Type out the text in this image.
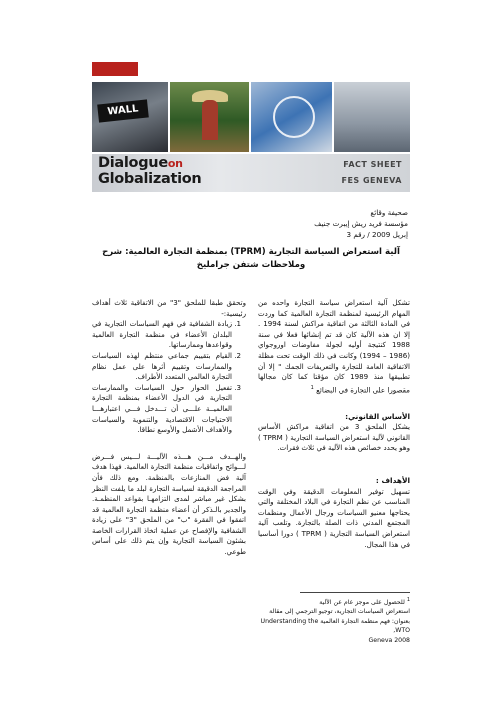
WALL
Dialogueon
Globalization
FACT SHEET
FES GENEVA
صحيفة وقائع
مؤسسة فريد ريش إيبرت جنيف
إبريل 2009 / رقم 3
آلية استعراض السياسة التجارية (TPRM) بمنظمة التجارة العالمية: شرح وملاحظات شتفن جرامليخ

تشكل آلية استعراض سياسة التجارة واحده من المهام الرئيسية لمنظمة التجارة العالمية كما وردت في المادة الثالثة من اتفاقية مراكش لسنة 1994 . إلا ان هذه الآلية كان قد تم إنشائها فعلا في سنة 1988 كنتيجة أوليه لجولة مفاوضات اوروجواي (1986 – 1994) وكانت في ذلك الوقت تحت مظلة الاتفاقية العامة للتجارة والتعريفات الجمك " إلا أن تطبيقها منذ 1989 كان مؤقتا كما كان مجالها مقصورا على التجارة في البضائع $^1$

الأساس القانوني:

يشكل الملحق 3 من اتفاقية مراكش الأساس القانوني لآلية استعراض السياسة التجارية ( TPRM ) وهو يحدد خصائص هذه الآلية في ثلاث فقرات.

الأهداف :

تسهيل توفير المعلومات الدقيقة وفي الوقت المناسب عن نظم التجارة في البلاد المختلفة والتي يحتاجها معنيو السياسات ورجال الأعمال ومنظمات المجتمع المدني ذات الصلة بالتجارة. وتلعب آلية استعراض السياسة التجارية ( TPRM ) دورا أساسيا في هذا المجال.

$^1$ للحصول على موجز عام عن الآلية
استعراض السياسات التجارية، توجيو الترجمي إلى مقالة بعنوان: فهم منظمة التجارة العالمية Understanding the WTO,
Geneva 2008

وتحقق طبقا للملحق "3" من الاتفاقية ثلاث أهداف رئيسية:-

1. زيادة الشفافية في فهم السياسات التجارية في البلدان الأعضاء في منظمة التجارة العالمية وقواعدها وممارساتها.
2. القيام بتقييم جماعي منتظم لهذه السياسات والممارسات وتقييم أثرها على عمل نظام التجارة العالمي المتعدد الأطراف.
3. تفعيل الحوار حول السياسات والممارسات التجارية في الدول الأعضاء بمنظمة التجارة العالميــة علـــى أن تـــدخل فـــي اعتبارهـــا الاحتياجات الاقتصادية والتنموية والسياسات والأهداف الأشمل والأوسع نطاقا.

والهــدف مـــن هـــذه الآليـــة لـــيس فـــرض لـــوائح واتفاقيات منظمة التجارة العالمية. فهذا هدف آلية فض المنازعات بالمنظمة. ومع ذلك فأن المراجعة الدقيقة لسياسة التجارة لبلد ما يلفت النظر بشكل غير مباشر لمدى التزامهـا بقواعد المنظمـة. والجدير بالـذكر أن أعضاء منظمة التجارة العالمية قد اتفقوا في الفقرة "ب" من الملحق "3" على زيادة الشفافية والإفصاح عن عملية اتخاذ القرارات الخاصة بشئون السياسة التجارية وإن يتم ذلك على أساس طوعي.
